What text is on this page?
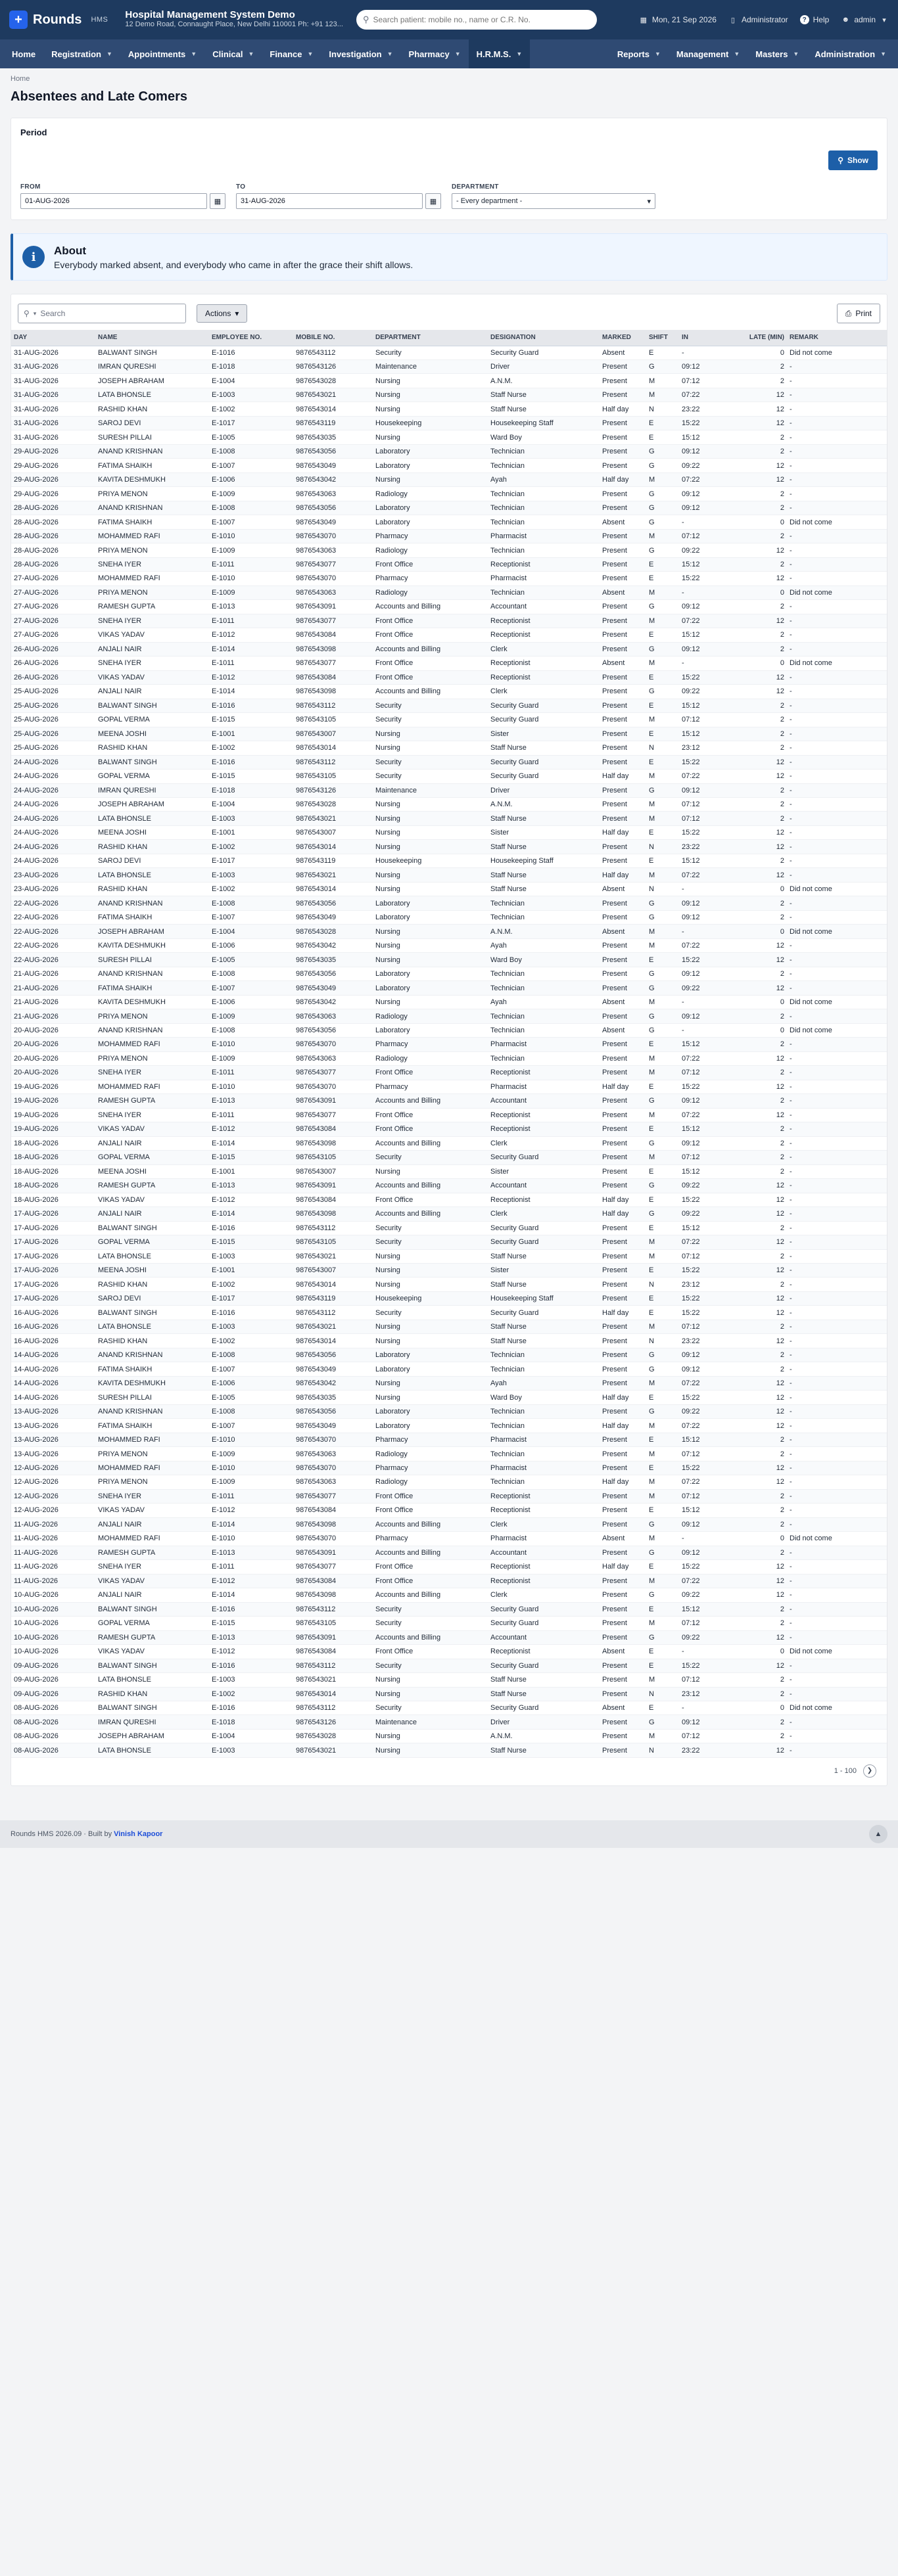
+ Rounds HMS Hospital Management System Demo
12 Demo Road, Connaught Place, New Delhi 110001 Ph: +91 123... ⚲
Search patient: mobile no., name or C.R. No.	▦ Mon, 21 Sep 2026	▯ Administrator	? Help ☻ admin ▾
Home Registration ▼ Appointments ▼ Clinical ▼ Finance ▼ Investigation ▼ Pharmacy ▼ H.R.M.S. ▼	Reports ▼ Management ▼ Masters ▼ Administration ▼
Home
Absentees and Late Comers
Period
⚲ Show
FROM
01-AUG-2026
▦
TO
31-AUG-2026
▦
DEPARTMENT
- Every department -	▾
i	About
Everybody marked absent, and everybody who came in after the grace their shift allows.
⚲ ▾ Search	Actions ▾	⎙ Print
DAY	NAME	EMPLOYEE NO.	MOBILE NO.	DEPARTMENT	DESIGNATION	MARKED	SHIFT	IN	LATE (MIN)	REMARK
31-AUG-2026	BALWANT SINGH	E-1016	9876543112	Security	Security Guard	Absent	E	-	0	Did not come
31-AUG-2026	IMRAN QURESHI	E-1018	9876543126	Maintenance	Driver	Present	G	09:12	2	-
31-AUG-2026	JOSEPH ABRAHAM	E-1004	9876543028	Nursing	A.N.M.	Present	M	07:12	2	-
31-AUG-2026	LATA BHONSLE	E-1003	9876543021	Nursing	Staff Nurse	Present	M	07:22	12	-
31-AUG-2026	RASHID KHAN	E-1002	9876543014	Nursing	Staff Nurse	Half day	N	23:22	12	-
31-AUG-2026	SAROJ DEVI	E-1017	9876543119	Housekeeping	Housekeeping Staff	Present	E	15:22	12	-
31-AUG-2026	SURESH PILLAI	E-1005	9876543035	Nursing	Ward Boy	Present	E	15:12	2	-
29-AUG-2026	ANAND KRISHNAN	E-1008	9876543056	Laboratory	Technician	Present	G	09:12	2	-
29-AUG-2026	FATIMA SHAIKH	E-1007	9876543049	Laboratory	Technician	Present	G	09:22	12	-
29-AUG-2026	KAVITA DESHMUKH	E-1006	9876543042	Nursing	Ayah	Half day	M	07:22	12	-
29-AUG-2026	PRIYA MENON	E-1009	9876543063	Radiology	Technician	Present	G	09:12	2	-
28-AUG-2026	ANAND KRISHNAN	E-1008	9876543056	Laboratory	Technician	Present	G	09:12	2	-
28-AUG-2026	FATIMA SHAIKH	E-1007	9876543049	Laboratory	Technician	Absent	G	-	0	Did not come
28-AUG-2026	MOHAMMED RAFI	E-1010	9876543070	Pharmacy	Pharmacist	Present	M	07:12	2	-
28-AUG-2026	PRIYA MENON	E-1009	9876543063	Radiology	Technician	Present	G	09:22	12	-
28-AUG-2026	SNEHA IYER	E-1011	9876543077	Front Office	Receptionist	Present	E	15:12	2	-
27-AUG-2026	MOHAMMED RAFI	E-1010	9876543070	Pharmacy	Pharmacist	Present	E	15:22	12	-
27-AUG-2026	PRIYA MENON	E-1009	9876543063	Radiology	Technician	Absent	M	-	0	Did not come
27-AUG-2026	RAMESH GUPTA	E-1013	9876543091	Accounts and Billing	Accountant	Present	G	09:12	2	-
27-AUG-2026	SNEHA IYER	E-1011	9876543077	Front Office	Receptionist	Present	M	07:22	12	-
27-AUG-2026	VIKAS YADAV	E-1012	9876543084	Front Office	Receptionist	Present	E	15:12	2	-
26-AUG-2026	ANJALI NAIR	E-1014	9876543098	Accounts and Billing	Clerk	Present	G	09:12	2	-
26-AUG-2026	SNEHA IYER	E-1011	9876543077	Front Office	Receptionist	Absent	M	-	0	Did not come
26-AUG-2026	VIKAS YADAV	E-1012	9876543084	Front Office	Receptionist	Present	E	15:22	12	-
25-AUG-2026	ANJALI NAIR	E-1014	9876543098	Accounts and Billing	Clerk	Present	G	09:22	12	-
25-AUG-2026	BALWANT SINGH	E-1016	9876543112	Security	Security Guard	Present	E	15:12	2	-
25-AUG-2026	GOPAL VERMA	E-1015	9876543105	Security	Security Guard	Present	M	07:12	2	-
25-AUG-2026	MEENA JOSHI	E-1001	9876543007	Nursing	Sister	Present	E	15:12	2	-
25-AUG-2026	RASHID KHAN	E-1002	9876543014	Nursing	Staff Nurse	Present	N	23:12	2	-
24-AUG-2026	BALWANT SINGH	E-1016	9876543112	Security	Security Guard	Present	E	15:22	12	-
24-AUG-2026	GOPAL VERMA	E-1015	9876543105	Security	Security Guard	Half day	M	07:22	12	-
24-AUG-2026	IMRAN QURESHI	E-1018	9876543126	Maintenance	Driver	Present	G	09:12	2	-
24-AUG-2026	JOSEPH ABRAHAM	E-1004	9876543028	Nursing	A.N.M.	Present	M	07:12	2	-
24-AUG-2026	LATA BHONSLE	E-1003	9876543021	Nursing	Staff Nurse	Present	M	07:12	2	-
24-AUG-2026	MEENA JOSHI	E-1001	9876543007	Nursing	Sister	Half day	E	15:22	12	-
24-AUG-2026	RASHID KHAN	E-1002	9876543014	Nursing	Staff Nurse	Present	N	23:22	12	-
24-AUG-2026	SAROJ DEVI	E-1017	9876543119	Housekeeping	Housekeeping Staff	Present	E	15:12	2	-
23-AUG-2026	LATA BHONSLE	E-1003	9876543021	Nursing	Staff Nurse	Half day	M	07:22	12	-
23-AUG-2026	RASHID KHAN	E-1002	9876543014	Nursing	Staff Nurse	Absent	N	-	0	Did not come
22-AUG-2026	ANAND KRISHNAN	E-1008	9876543056	Laboratory	Technician	Present	G	09:12	2	-
22-AUG-2026	FATIMA SHAIKH	E-1007	9876543049	Laboratory	Technician	Present	G	09:12	2	-
22-AUG-2026	JOSEPH ABRAHAM	E-1004	9876543028	Nursing	A.N.M.	Absent	M	-	0	Did not come
22-AUG-2026	KAVITA DESHMUKH	E-1006	9876543042	Nursing	Ayah	Present	M	07:22	12	-
22-AUG-2026	SURESH PILLAI	E-1005	9876543035	Nursing	Ward Boy	Present	E	15:22	12	-
21-AUG-2026	ANAND KRISHNAN	E-1008	9876543056	Laboratory	Technician	Present	G	09:12	2	-
21-AUG-2026	FATIMA SHAIKH	E-1007	9876543049	Laboratory	Technician	Present	G	09:22	12	-
21-AUG-2026	KAVITA DESHMUKH	E-1006	9876543042	Nursing	Ayah	Absent	M	-	0	Did not come
21-AUG-2026	PRIYA MENON	E-1009	9876543063	Radiology	Technician	Present	G	09:12	2	-
20-AUG-2026	ANAND KRISHNAN	E-1008	9876543056	Laboratory	Technician	Absent	G	-	0	Did not come
20-AUG-2026	MOHAMMED RAFI	E-1010	9876543070	Pharmacy	Pharmacist	Present	E	15:12	2	-
20-AUG-2026	PRIYA MENON	E-1009	9876543063	Radiology	Technician	Present	M	07:22	12	-
20-AUG-2026	SNEHA IYER	E-1011	9876543077	Front Office	Receptionist	Present	M	07:12	2	-
19-AUG-2026	MOHAMMED RAFI	E-1010	9876543070	Pharmacy	Pharmacist	Half day	E	15:22	12	-
19-AUG-2026	RAMESH GUPTA	E-1013	9876543091	Accounts and Billing	Accountant	Present	G	09:12	2	-
19-AUG-2026	SNEHA IYER	E-1011	9876543077	Front Office	Receptionist	Present	M	07:22	12	-
19-AUG-2026	VIKAS YADAV	E-1012	9876543084	Front Office	Receptionist	Present	E	15:12	2	-
18-AUG-2026	ANJALI NAIR	E-1014	9876543098	Accounts and Billing	Clerk	Present	G	09:12	2	-
18-AUG-2026	GOPAL VERMA	E-1015	9876543105	Security	Security Guard	Present	M	07:12	2	-
18-AUG-2026	MEENA JOSHI	E-1001	9876543007	Nursing	Sister	Present	E	15:12	2	-
18-AUG-2026	RAMESH GUPTA	E-1013	9876543091	Accounts and Billing	Accountant	Present	G	09:22	12	-
18-AUG-2026	VIKAS YADAV	E-1012	9876543084	Front Office	Receptionist	Half day	E	15:22	12	-
17-AUG-2026	ANJALI NAIR	E-1014	9876543098	Accounts and Billing	Clerk	Half day	G	09:22	12	-
17-AUG-2026	BALWANT SINGH	E-1016	9876543112	Security	Security Guard	Present	E	15:12	2	-
17-AUG-2026	GOPAL VERMA	E-1015	9876543105	Security	Security Guard	Present	M	07:22	12	-
17-AUG-2026	LATA BHONSLE	E-1003	9876543021	Nursing	Staff Nurse	Present	M	07:12	2	-
17-AUG-2026	MEENA JOSHI	E-1001	9876543007	Nursing	Sister	Present	E	15:22	12	-
17-AUG-2026	RASHID KHAN	E-1002	9876543014	Nursing	Staff Nurse	Present	N	23:12	2	-
17-AUG-2026	SAROJ DEVI	E-1017	9876543119	Housekeeping	Housekeeping Staff	Present	E	15:22	12	-
16-AUG-2026	BALWANT SINGH	E-1016	9876543112	Security	Security Guard	Half day	E	15:22	12	-
16-AUG-2026	LATA BHONSLE	E-1003	9876543021	Nursing	Staff Nurse	Present	M	07:12	2	-
16-AUG-2026	RASHID KHAN	E-1002	9876543014	Nursing	Staff Nurse	Present	N	23:22	12	-
14-AUG-2026	ANAND KRISHNAN	E-1008	9876543056	Laboratory	Technician	Present	G	09:12	2	-
14-AUG-2026	FATIMA SHAIKH	E-1007	9876543049	Laboratory	Technician	Present	G	09:12	2	-
14-AUG-2026	KAVITA DESHMUKH	E-1006	9876543042	Nursing	Ayah	Present	M	07:22	12	-
14-AUG-2026	SURESH PILLAI	E-1005	9876543035	Nursing	Ward Boy	Half day	E	15:22	12	-
13-AUG-2026	ANAND KRISHNAN	E-1008	9876543056	Laboratory	Technician	Present	G	09:22	12	-
13-AUG-2026	FATIMA SHAIKH	E-1007	9876543049	Laboratory	Technician	Half day	M	07:22	12	-
13-AUG-2026	MOHAMMED RAFI	E-1010	9876543070	Pharmacy	Pharmacist	Present	E	15:12	2	-
13-AUG-2026	PRIYA MENON	E-1009	9876543063	Radiology	Technician	Present	M	07:12	2	-
12-AUG-2026	MOHAMMED RAFI	E-1010	9876543070	Pharmacy	Pharmacist	Present	E	15:22	12	-
12-AUG-2026	PRIYA MENON	E-1009	9876543063	Radiology	Technician	Half day	M	07:22	12	-
12-AUG-2026	SNEHA IYER	E-1011	9876543077	Front Office	Receptionist	Present	M	07:12	2	-
12-AUG-2026	VIKAS YADAV	E-1012	9876543084	Front Office	Receptionist	Present	E	15:12	2	-
11-AUG-2026	ANJALI NAIR	E-1014	9876543098	Accounts and Billing	Clerk	Present	G	09:12	2	-
11-AUG-2026	MOHAMMED RAFI	E-1010	9876543070	Pharmacy	Pharmacist	Absent	M	-	0	Did not come
11-AUG-2026	RAMESH GUPTA	E-1013	9876543091	Accounts and Billing	Accountant	Present	G	09:12	2	-
11-AUG-2026	SNEHA IYER	E-1011	9876543077	Front Office	Receptionist	Half day	E	15:22	12	-
11-AUG-2026	VIKAS YADAV	E-1012	9876543084	Front Office	Receptionist	Present	M	07:22	12	-
10-AUG-2026	ANJALI NAIR	E-1014	9876543098	Accounts and Billing	Clerk	Present	G	09:22	12	-
10-AUG-2026	BALWANT SINGH	E-1016	9876543112	Security	Security Guard	Present	E	15:12	2	-
10-AUG-2026	GOPAL VERMA	E-1015	9876543105	Security	Security Guard	Present	M	07:12	2	-
10-AUG-2026	RAMESH GUPTA	E-1013	9876543091	Accounts and Billing	Accountant	Present	G	09:22	12	-
10-AUG-2026	VIKAS YADAV	E-1012	9876543084	Front Office	Receptionist	Absent	E	-	0	Did not come
09-AUG-2026	BALWANT SINGH	E-1016	9876543112	Security	Security Guard	Present	E	15:22	12	-
09-AUG-2026	LATA BHONSLE	E-1003	9876543021	Nursing	Staff Nurse	Present	M	07:12	2	-
09-AUG-2026	RASHID KHAN	E-1002	9876543014	Nursing	Staff Nurse	Present	N	23:12	2	-
08-AUG-2026	BALWANT SINGH	E-1016	9876543112	Security	Security Guard	Absent	E	-	0	Did not come
08-AUG-2026	IMRAN QURESHI	E-1018	9876543126	Maintenance	Driver	Present	G	09:12	2	-
08-AUG-2026	JOSEPH ABRAHAM	E-1004	9876543028	Nursing	A.N.M.	Present	M	07:12	2	-
08-AUG-2026	LATA BHONSLE	E-1003	9876543021	Nursing	Staff Nurse	Present	N	23:22	12	-
1 - 100	❯
Rounds HMS 2026.09 · Built by Vinish Kapoor	▲
